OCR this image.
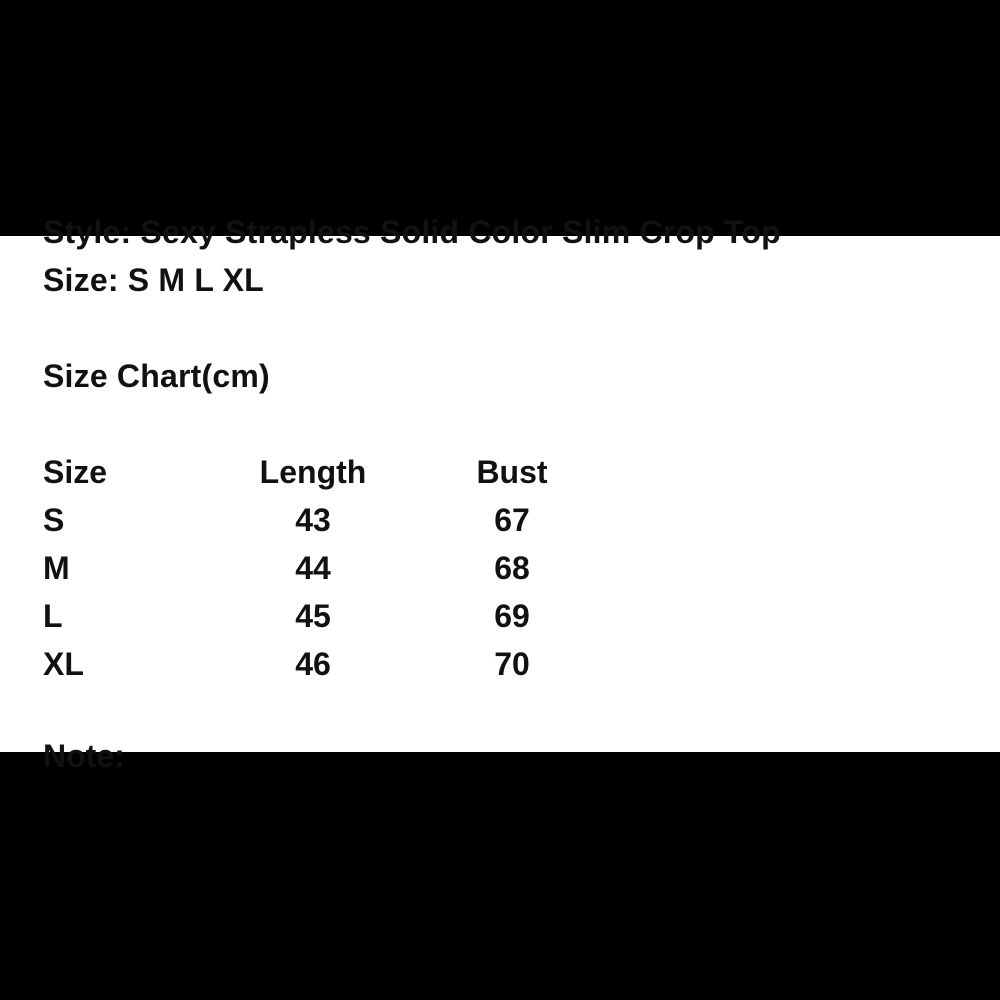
Style: Sexy Strapless Solid Color Slim Crop Top
Size: S M L XL
Size Chart(cm)
Size	Length	Bust
S	43	67
M	44	68
L	45	69
XL	46	70
Note:
